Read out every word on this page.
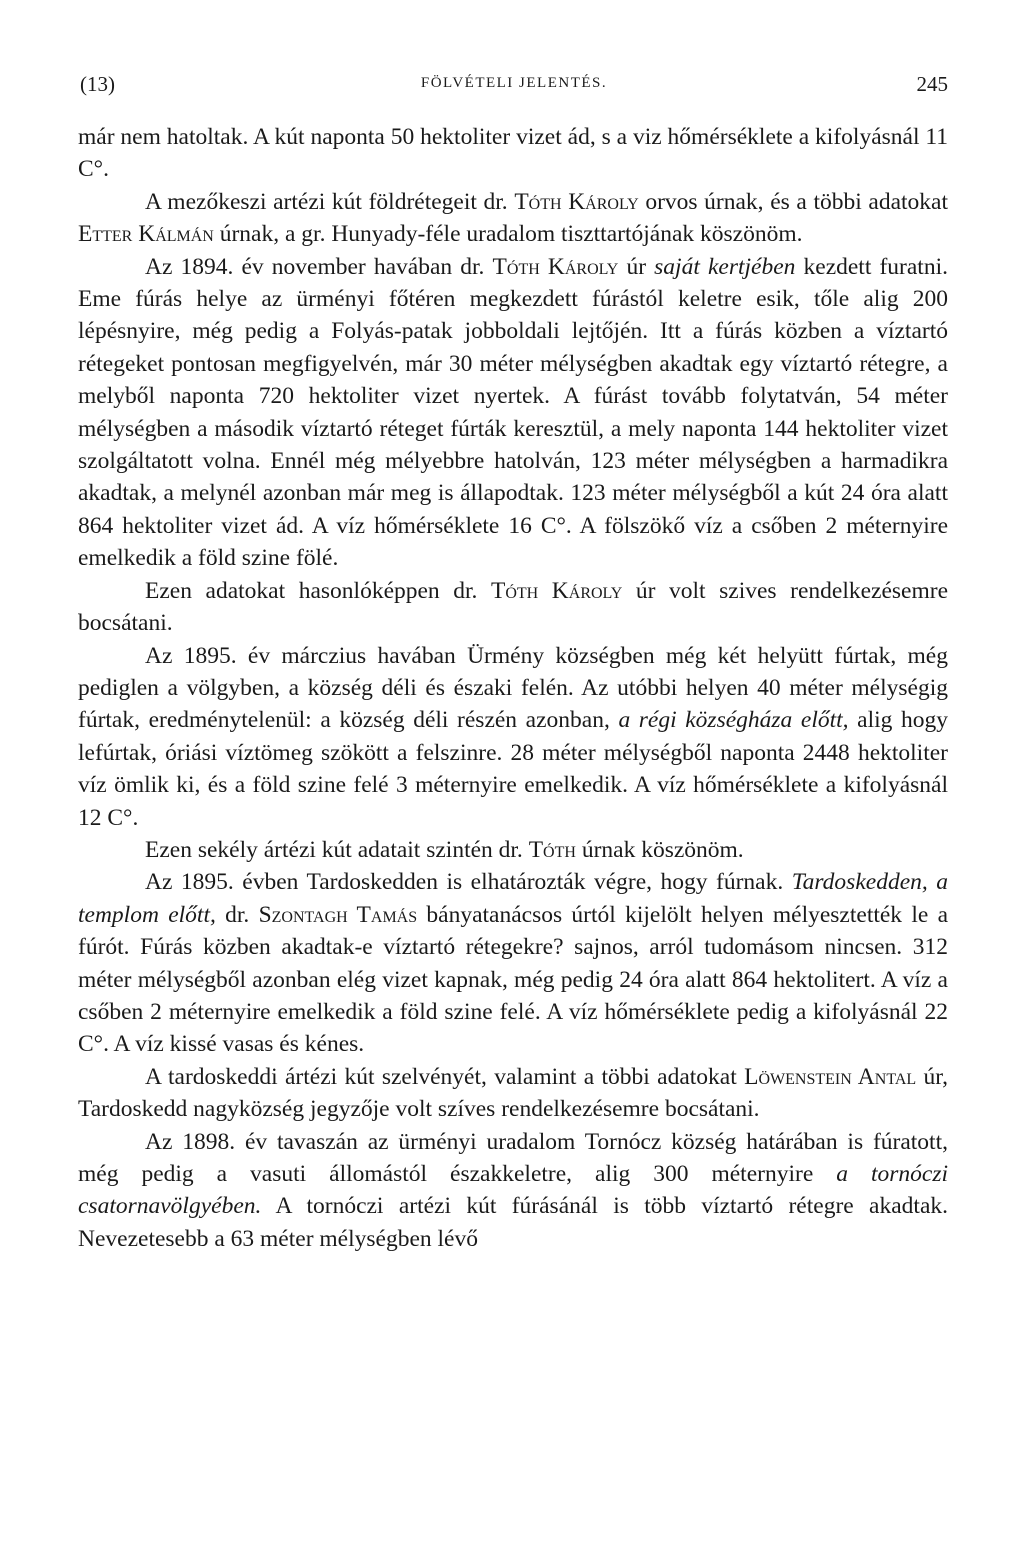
(13)	FÖLVÉTELI JELENTÉS.	245

már nem hatoltak. A kút naponta 50 hektoliter vizet ád, s a viz hőmérséklete a kifolyásnál 11 C°.

A mezőkeszi artézi kút földrétegeit dr. Tóth Károly orvos úrnak, és a többi adatokat Etter Kálmán úrnak, a gr. Hunyady-féle uradalom tiszttartójának köszönöm.

Az 1894. év november havában dr. Tóth Károly úr saját kertjében kezdett furatni. Eme fúrás helye az ürményi főtéren megkezdett fúrástól keletre esik, tőle alig 200 lépésnyire, még pedig a Folyás-patak jobboldali lejtőjén. Itt a fúrás közben a víztartó rétegeket pontosan megfigyelvén, már 30 méter mélységben akadtak egy víztartó rétegre, a melyből naponta 720 hektoliter vizet nyertek. A fúrást tovább folytatván, 54 méter mélységben a második víztartó réteget fúrták keresztül, a mely naponta 144 hektoliter vizet szolgáltatott volna. Ennél még mélyebbre hatolván, 123 méter mélységben a harmadikra akadtak, a melynél azonban már meg is állapodtak. 123 méter mélységből a kút 24 óra alatt 864 hektoliter vizet ád. A víz hőmérséklete 16 C°. A fölszökő víz a csőben 2 méternyire emelkedik a föld szine fölé.

Ezen adatokat hasonlóképpen dr. Tóth Károly úr volt szives rendelkezésemre bocsátani.

Az 1895. év márczius havában Ürmény községben még két helyütt fúrtak, még pediglen a völgyben, a község déli és északi felén. Az utóbbi helyen 40 méter mélységig fúrtak, eredménytelenül: a község déli részén azonban, a régi községháza előtt, alig hogy lefúrtak, óriási víztömeg szökött a felszinre. 28 méter mélységből naponta 2448 hektoliter víz ömlik ki, és a föld szine felé 3 méternyire emelkedik. A víz hőmérséklete a kifolyásnál 12 C°.

Ezen sekély ártézi kút adatait szintén dr. Tóth úrnak köszönöm.

Az 1895. évben Tardoskedden is elhatározták végre, hogy fúrnak. Tardoskedden, a templom előtt, dr. Szontagh Tamás bányatanácsos úrtól kijelölt helyen mélyesztették le a fúrót. Fúrás közben akadtak-e víztartó rétegekre? sajnos, arról tudomásom nincsen. 312 méter mélységből azonban elég vizet kapnak, még pedig 24 óra alatt 864 hektolitert. A víz a csőben 2 méternyire emelkedik a föld szine felé. A víz hőmérséklete pedig a kifolyásnál 22 C°. A víz kissé vasas és kénes.

A tardoskeddi ártézi kút szelvényét, valamint a többi adatokat Löwenstein Antal úr, Tardoskedd nagyközség jegyzője volt szíves rendelkezésemre bocsátani.

Az 1898. év tavaszán az ürményi uradalom Tornócz község határában is fúratott, még pedig a vasuti állomástól északkeletre, alig 300 méternyire a tornóczi csatornavölgyében. A tornóczi artézi kút fúrásánál is több víztartó rétegre akadtak. Nevezetesebb a 63 méter mélységben lévő
